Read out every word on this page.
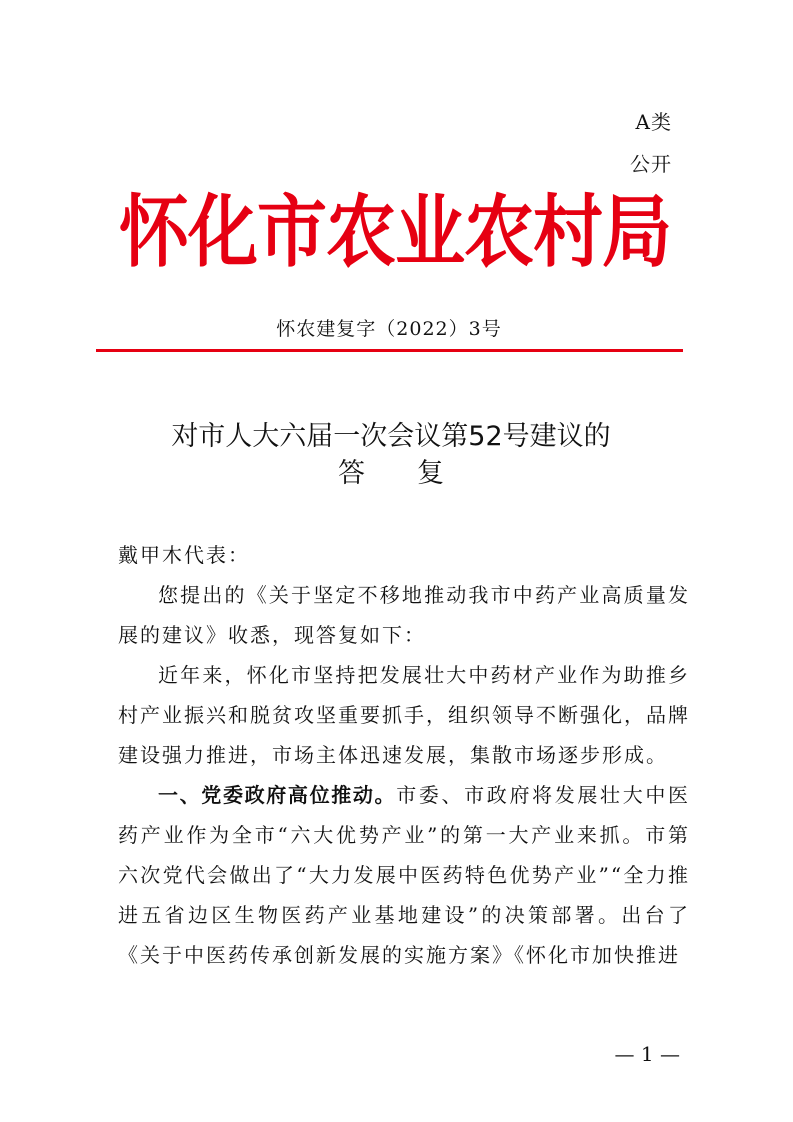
A类
公开
怀化市农业农村局
怀农建复字（2022）3号
对市人大六届一次会议第52号建议的
答复

戴甲木代表：

您提出的《关于坚定不移地推动我市中药产业高质量发展的建议》收悉，现答复如下：

近年来，怀化市坚持把发展壮大中药材产业作为助推乡村产业振兴和脱贫攻坚重要抓手，组织领导不断强化，品牌建设强力推进，市场主体迅速发展，集散市场逐步形成。

一、党委政府高位推动。市委、市政府将发展壮大中医药产业作为全市“六大优势产业”的第一大产业来抓。市第六次党代会做出了“大力发展中医药特色优势产业”“全力推进五省边区生物医药产业基地建设”的决策部署。出台了《关于中医药传承创新发展的实施方案》《怀化市加快推进

— 1 —
